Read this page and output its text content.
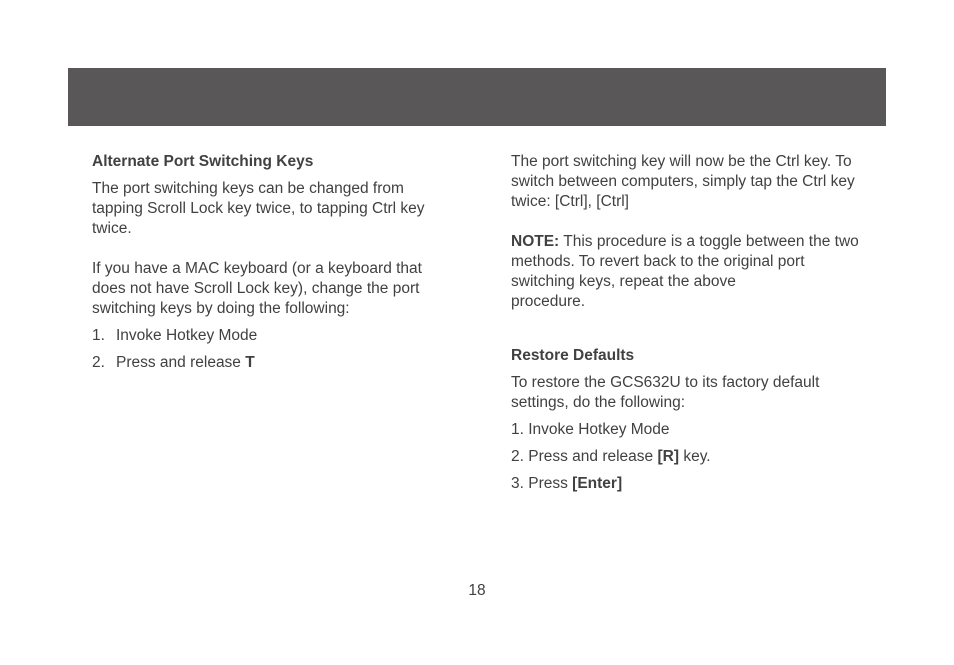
Alternate Port Switching Keys

The port switching keys can be changed from tapping Scroll Lock key twice, to tapping Ctrl key twice.

If you have a MAC keyboard (or a keyboard that does not have Scroll Lock key), change the port switching keys by doing the following:

1. Invoke Hotkey Mode
2. Press and release T

The port switching key will now be the Ctrl key. To switch between computers, simply tap the Ctrl key twice: [Ctrl], [Ctrl]

NOTE: This procedure is a toggle between the two methods. To revert back to the original port switching keys, repeat the above
procedure.

Restore Defaults

To restore the GCS632U to its factory default settings, do the following:

1. Invoke Hotkey Mode
2. Press and release [R] key.
3. Press [Enter]
18
